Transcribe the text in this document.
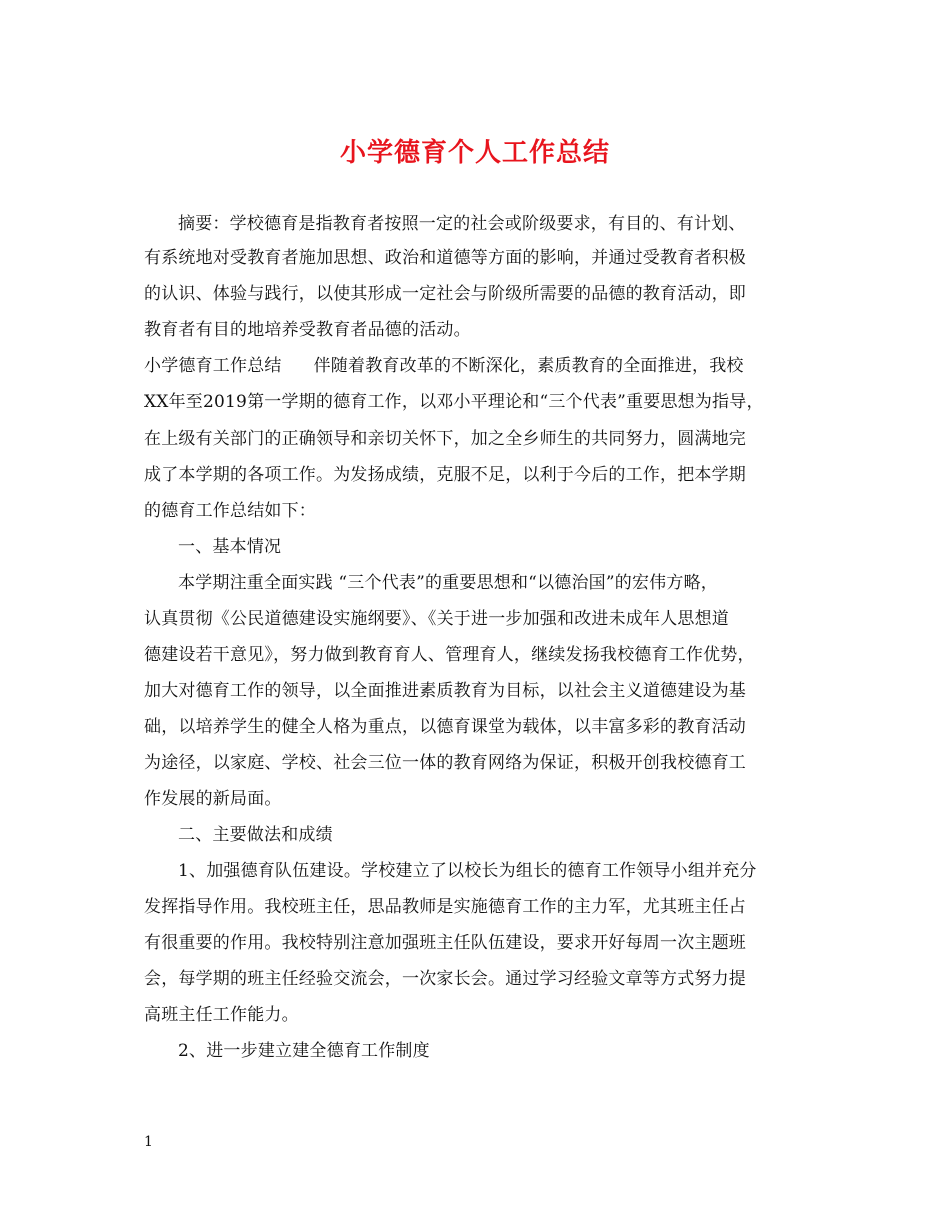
小学德育个人工作总结
摘要：学校德育是指教育者按照一定的社会或阶级要求，有目的、有计划、
有系统地对受教育者施加思想、政治和道德等方面的影响，并通过受教育者积极
的认识、体验与践行，以使其形成一定社会与阶级所需要的品德的教育活动，即
教育者有目的地培养受教育者品德的活动。
小学德育工作总结 伴随着教育改革的不断深化，素质教育的全面推进，我校
XX年至2019第一学期的德育工作，以邓小平理论和“三个代表”重要思想为指导，
在上级有关部门的正确领导和亲切关怀下，加之全乡师生的共同努力，圆满地完
成了本学期的各项工作。为发扬成绩，克服不足，以利于今后的工作，把本学期
的德育工作总结如下：
一、基本情况
本学期注重全面实践 “三个代表”的重要思想和“以德治国”的宏伟方略，
认真贯彻《公民道德建设实施纲要》、《关于进一步加强和改进未成年人思想道
德建设若干意见》，努力做到教育育人、管理育人，继续发扬我校德育工作优势，
加大对德育工作的领导，以全面推进素质教育为目标，以社会主义道德建设为基
础，以培养学生的健全人格为重点，以德育课堂为载体，以丰富多彩的教育活动
为途径，以家庭、学校、社会三位一体的教育网络为保证，积极开创我校德育工
作发展的新局面。
二、主要做法和成绩
1、加强德育队伍建设。学校建立了以校长为组长的德育工作领导小组并充分
发挥指导作用。我校班主任，思品教师是实施德育工作的主力军，尤其班主任占
有很重要的作用。我校特别注意加强班主任队伍建设，要求开好每周一次主题班
会，每学期的班主任经验交流会，一次家长会。通过学习经验文章等方式努力提
高班主任工作能力。
2、进一步建立建全德育工作制度
1
